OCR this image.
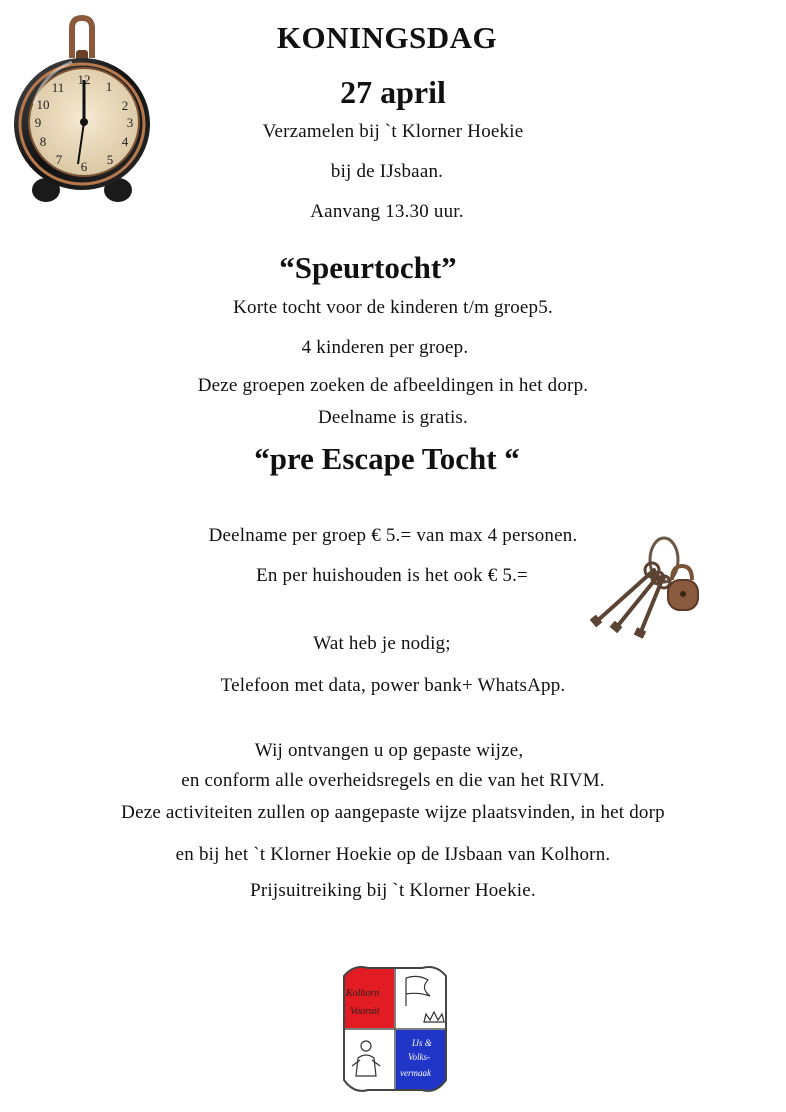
12 1
2
3
4
5
6
7
8
9
10
11

KONINGSDAG

27 april

Verzamelen bij `t Klorner Hoekie

bij de IJsbaan.

Aanvang 13.30 uur.

“Speurtocht”

Korte tocht voor de kinderen t/m groep5.

4 kinderen per groep.

Deze groepen zoeken de afbeeldingen in het dorp.

Deelname is gratis.

“pre Escape Tocht “

Deelname per groep € 5.= van max 4 personen.

En per huishouden is het ook € 5.=

Wat heb je nodig;

Telefoon met data, power bank+ WhatsApp.

Wij ontvangen u op gepaste wijze,

en conform alle overheidsregels en die van het RIVM.

Deze activiteiten zullen op aangepaste wijze plaatsvinden, in het dorp

en bij het `t Klorner Hoekie op de IJsbaan van Kolhorn.

Prijsuitreiking bij `t Klorner Hoekie.

Kolhorn
Vooruit
IJs &
Volks-
vermaak
